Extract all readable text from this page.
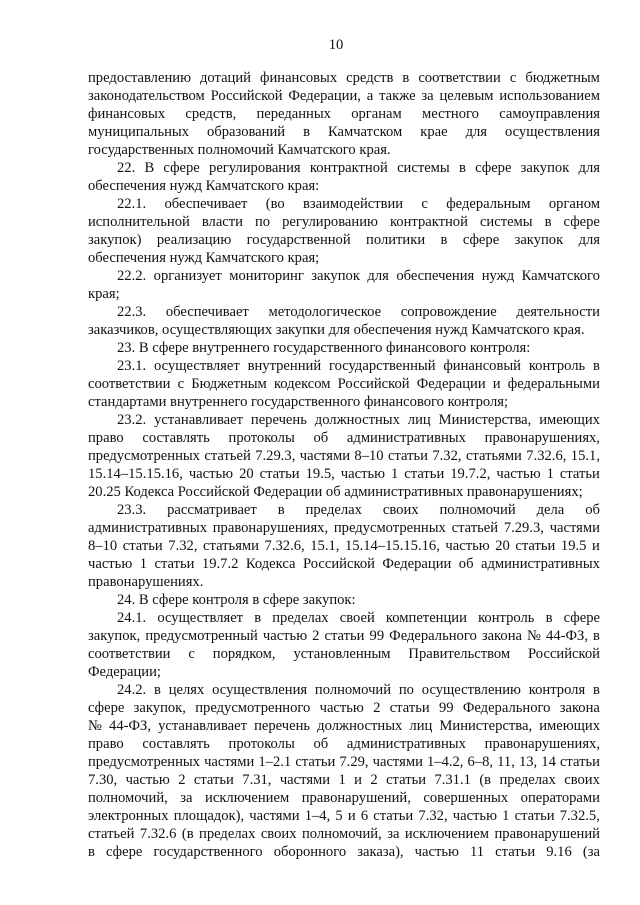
10
предоставлению дотаций финансовых средств в соответствии с бюджетным
законодательством Российской Федерации, а также за целевым использованием
финансовых средств, переданных органам местного самоуправления
муниципальных образований в Камчатском крае для осуществления
государственных полномочий Камчатского края.
22. В сфере регулирования контрактной системы в сфере закупок для
обеспечения нужд Камчатского края:
22.1. обеспечивает (во взаимодействии с федеральным органом
исполнительной власти по регулированию контрактной системы в сфере
закупок) реализацию государственной политики в сфере закупок для
обеспечения нужд Камчатского края;
22.2. организует мониторинг закупок для обеспечения нужд Камчатского
края;
22.3. обеспечивает методологическое сопровождение деятельности
заказчиков, осуществляющих закупки для обеспечения нужд Камчатского края.
23. В сфере внутреннего государственного финансового контроля:
23.1. осуществляет внутренний государственный финансовый контроль в
соответствии с Бюджетным кодексом Российской Федерации и федеральными
стандартами внутреннего государственного финансового контроля;
23.2. устанавливает перечень должностных лиц Министерства, имеющих
право составлять протоколы об административных правонарушениях,
предусмотренных статьей 7.29.3, частями 8–10 статьи 7.32, статьями 7.32.6, 15.1,
15.14–15.15.16, частью 20 статьи 19.5, частью 1 статьи 19.7.2, частью 1 статьи
20.25 Кодекса Российской Федерации об административных правонарушениях;
23.3. рассматривает в пределах своих полномочий дела об
административных правонарушениях, предусмотренных статьей 7.29.3, частями
8–10 статьи 7.32, статьями 7.32.6, 15.1, 15.14–15.15.16, частью 20 статьи 19.5 и
частью 1 статьи 19.7.2 Кодекса Российской Федерации об административных
правонарушениях.
24. В сфере контроля в сфере закупок:
24.1. осуществляет в пределах своей компетенции контроль в сфере
закупок, предусмотренный частью 2 статьи 99 Федерального закона № 44-ФЗ, в
соответствии с порядком, установленным Правительством Российской
Федерации;
24.2. в целях осуществления полномочий по осуществлению контроля в
сфере закупок, предусмотренного частью 2 статьи 99 Федерального закона
№ 44-ФЗ, устанавливает перечень должностных лиц Министерства, имеющих
право составлять протоколы об административных правонарушениях,
предусмотренных частями 1–2.1 статьи 7.29, частями 1–4.2, 6–8, 11, 13, 14 статьи
7.30, частью 2 статьи 7.31, частями 1 и 2 статьи 7.31.1 (в пределах своих
полномочий, за исключением правонарушений, совершенных операторами
электронных площадок), частями 1–4, 5 и 6 статьи 7.32, частью 1 статьи 7.32.5,
статьей 7.32.6 (в пределах своих полномочий, за исключением правонарушений
в сфере государственного оборонного заказа), частью 11 статьи 9.16 (за
